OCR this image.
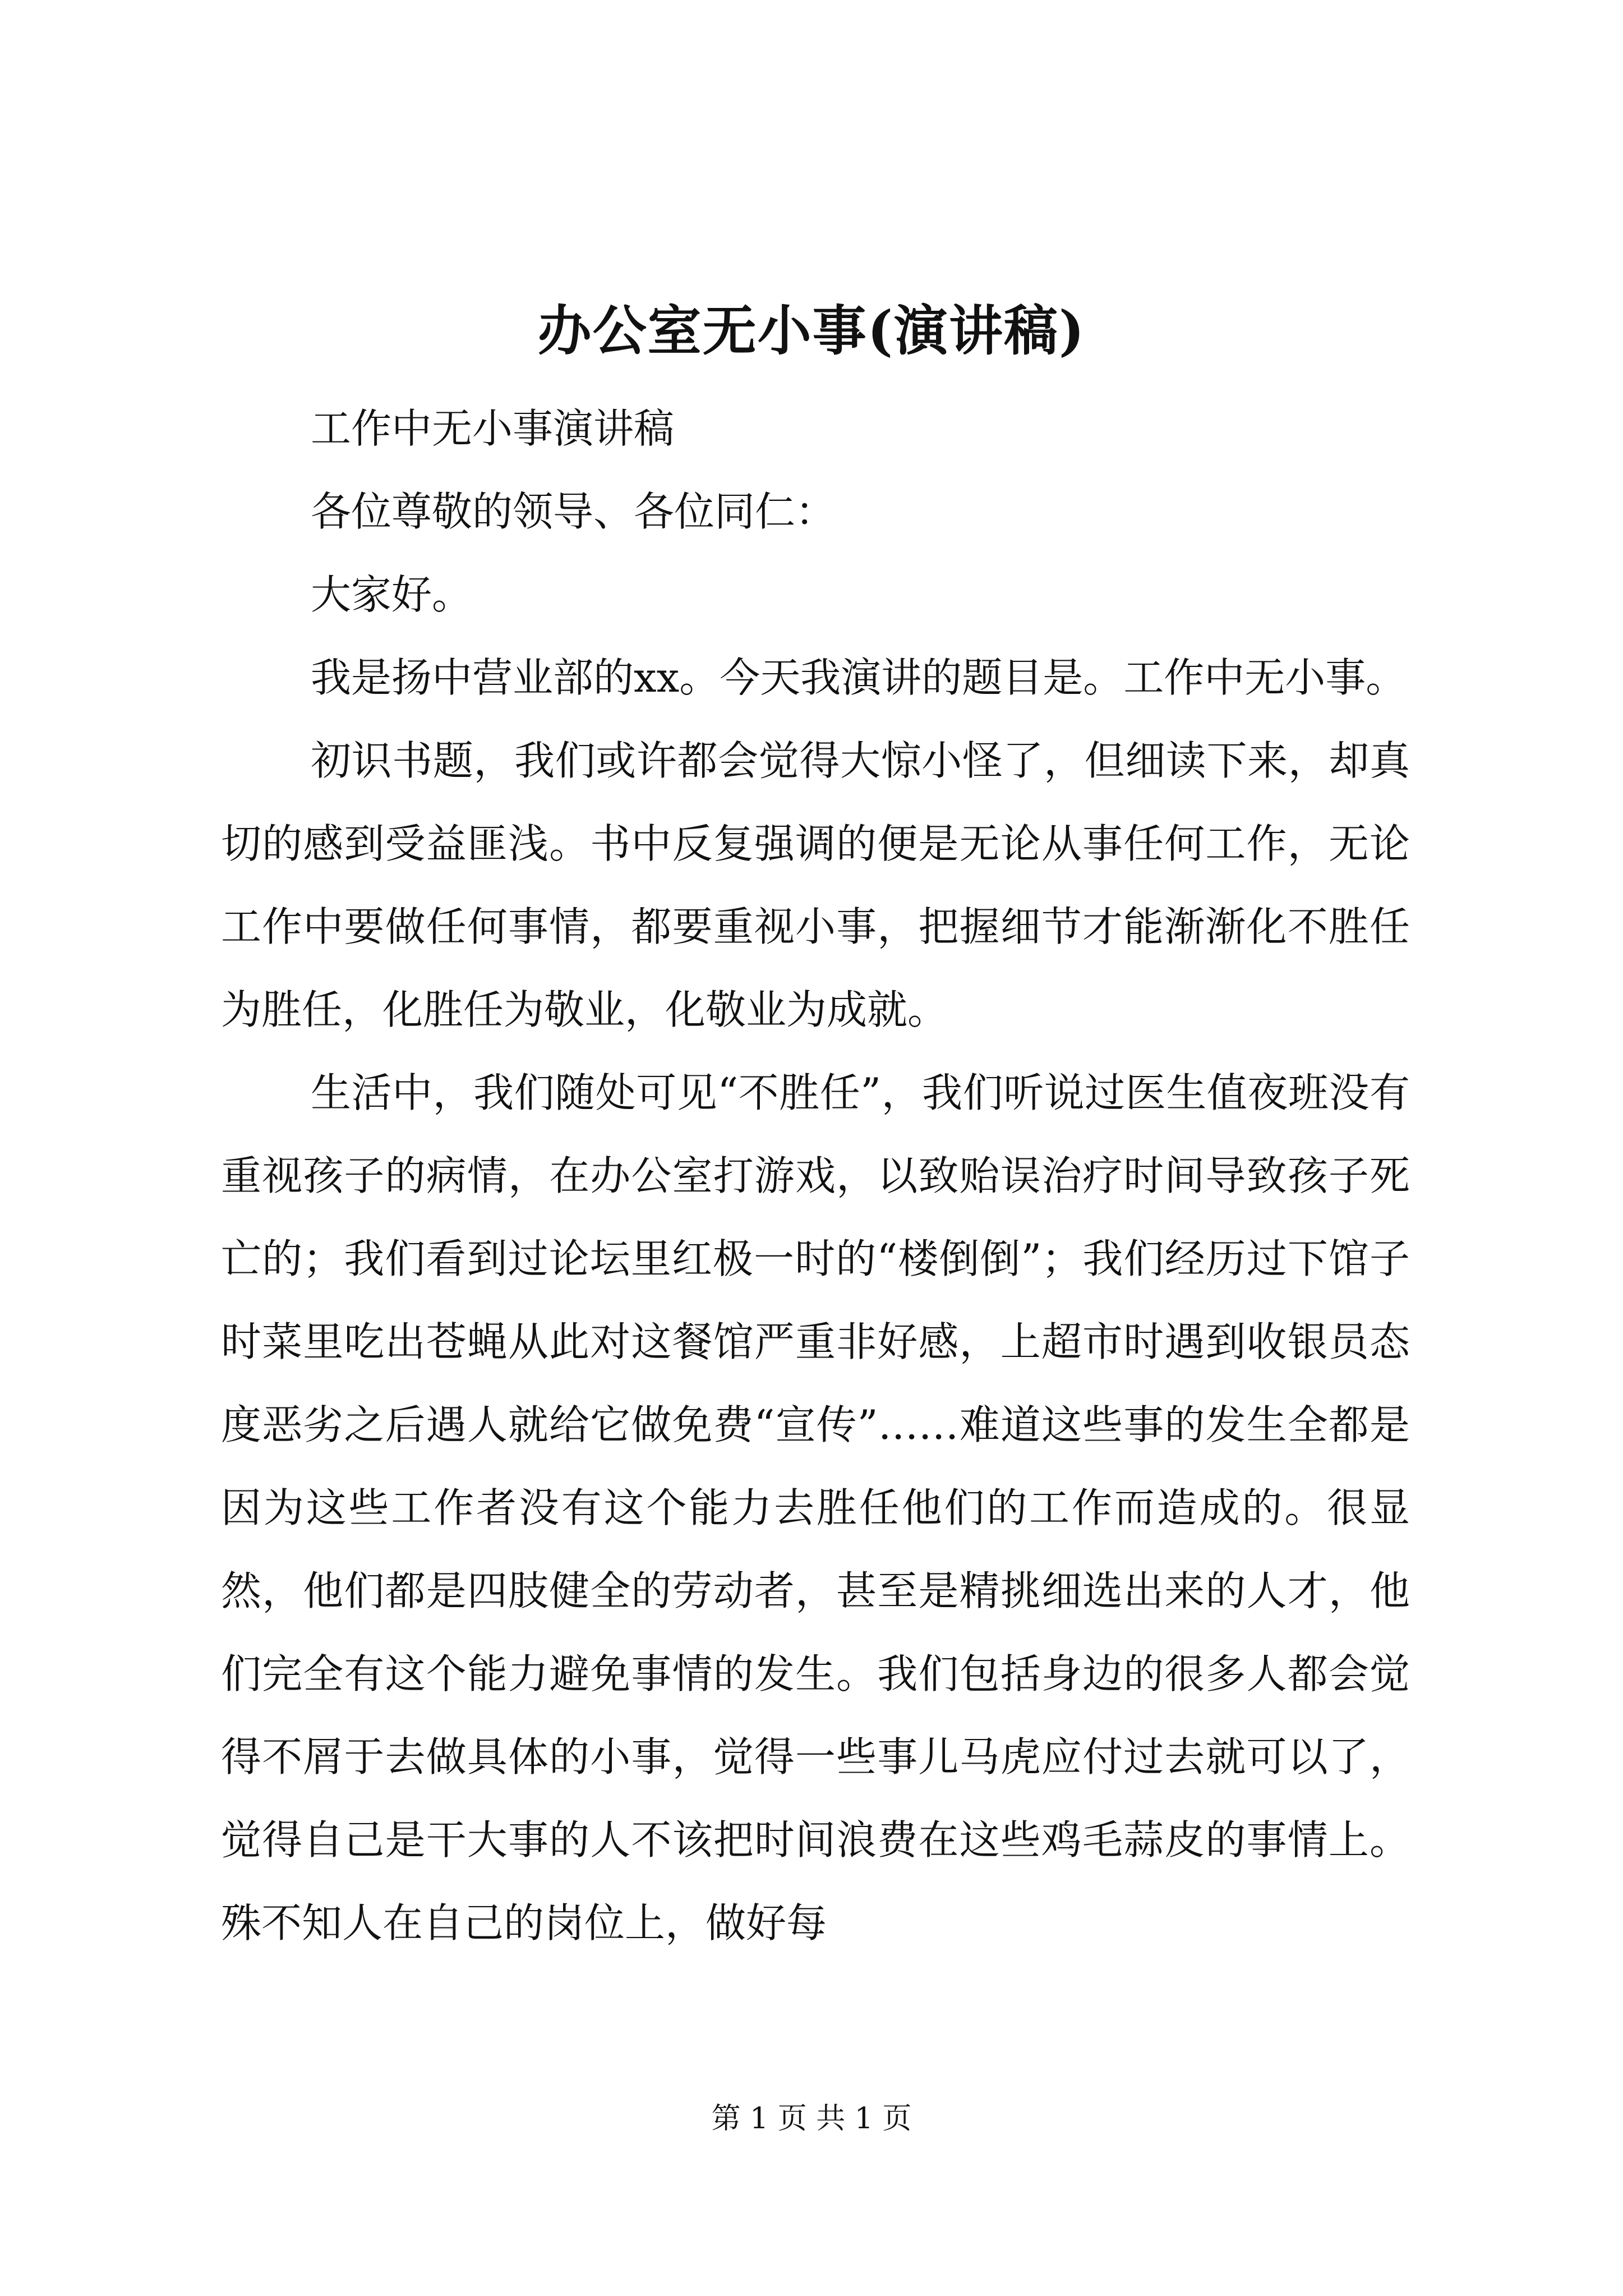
办公室无小事(演讲稿)

工作中无小事演讲稿

各位尊敬的领导、各位同仁：

大家好。

我是扬中营业部的xx。今天我演讲的题目是。工作中无小事。

初识书题，我们或许都会觉得大惊小怪了，但细读下来，却真切的感到受益匪浅。书中反复强调的便是无论从事任何工作，无论工作中要做任何事情，都要重视小事，把握细节才能渐渐化不胜任为胜任，化胜任为敬业，化敬业为成就。

生活中，我们随处可见“不胜任”，我们听说过医生值夜班没有重视孩子的病情，在办公室打游戏，以致贻误治疗时间导致孩子死亡的；我们看到过论坛里红极一时的“楼倒倒”；我们经历过下馆子时菜里吃出苍蝇从此对这餐馆严重非好感，上超市时遇到收银员态度恶劣之后遇人就给它做免费“宣传”……难道这些事的发生全都是因为这些工作者没有这个能力去胜任他们的工作而造成的。很显然，他们都是四肢健全的劳动者，甚至是精挑细选出来的人才，他们完全有这个能力避免事情的发生。我们包括身边的很多人都会觉得不屑于去做具体的小事，觉得一些事儿马虎应付过去就可以了，觉得自己是干大事的人不该把时间浪费在这些鸡毛蒜皮的事情上。殊不知人在自己的岗位上，做好每

第 1 页 共 1 页
